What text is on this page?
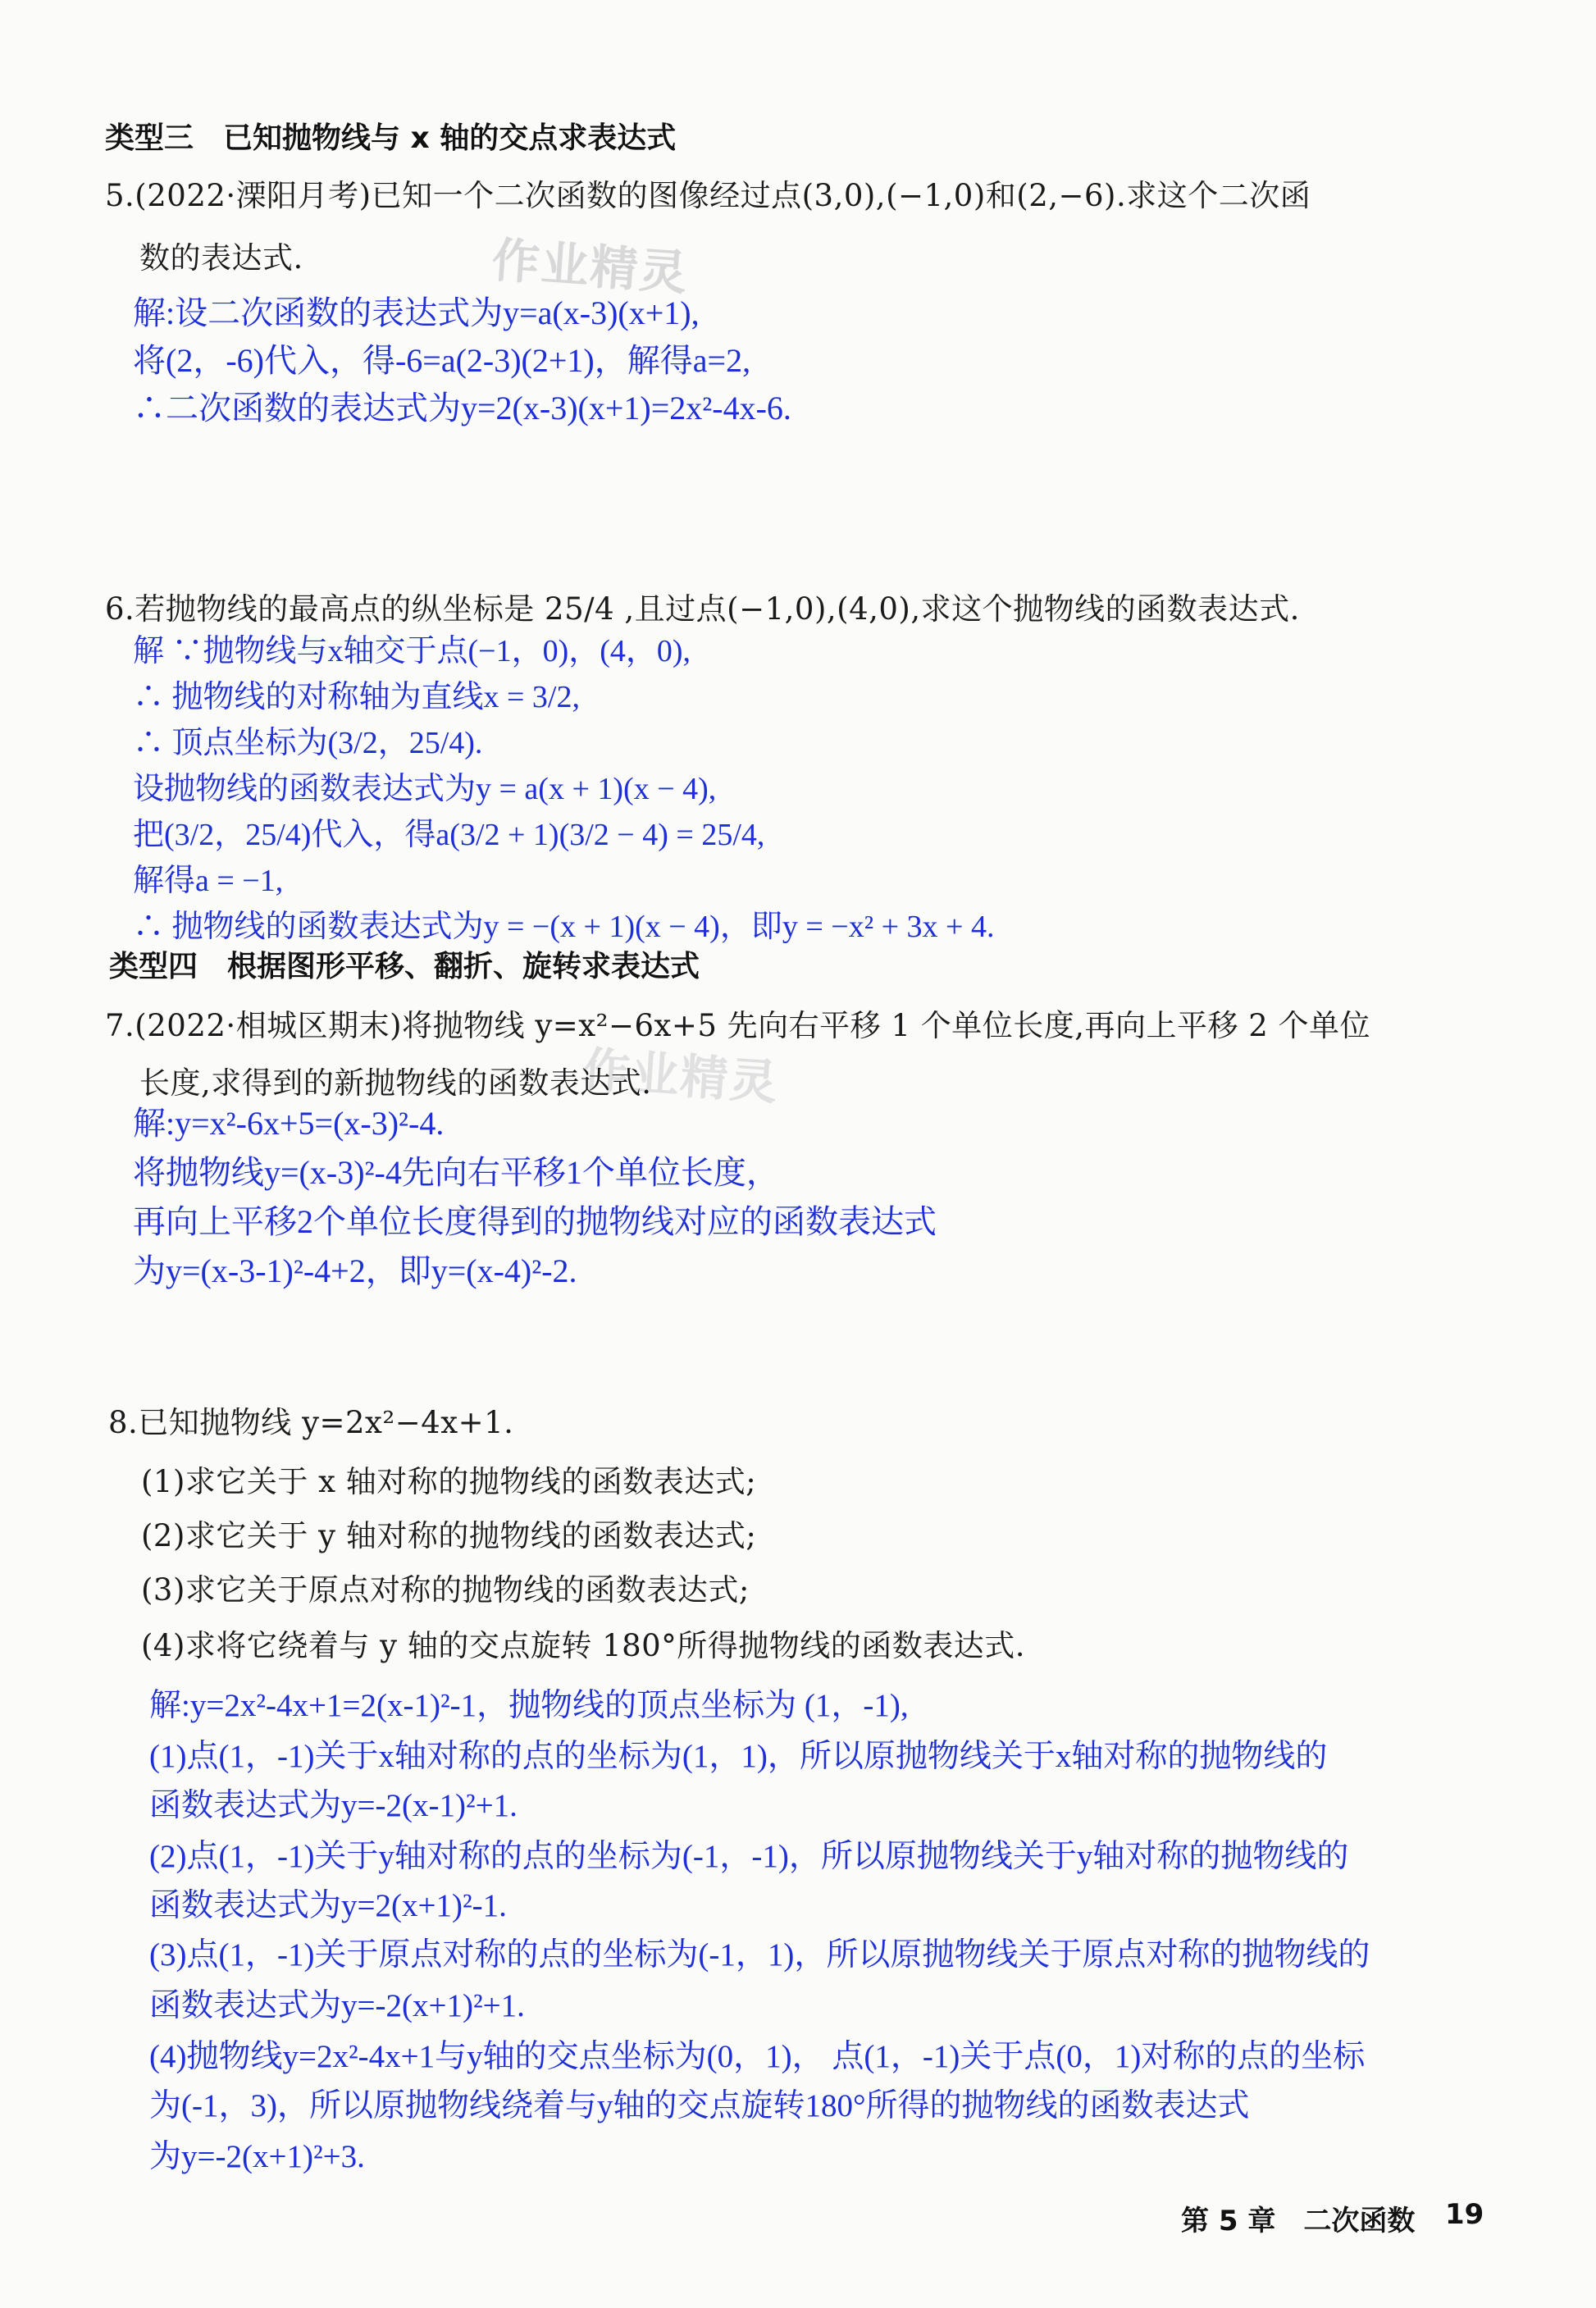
作业精灵
作业精灵
类型三　已知抛物线与 x 轴的交点求表达式
5.(2022·溧阳月考)已知一个二次函数的图像经过点(3,0),(−1,0)和(2,−6).求这个二次函
数的表达式.
解:设二次函数的表达式为y=a(x-3)(x+1),
将(2，-6)代入，得-6=a(2-3)(2+1)，解得a=2,
∴二次函数的表达式为y=2(x-3)(x+1)=2x²-4x-6.
6.若抛物线的最高点的纵坐标是 25/4 ,且过点(−1,0),(4,0),求这个抛物线的函数表达式.
解 ∵抛物线与x轴交于点(−1，0)，(4，0),
∴ 抛物线的对称轴为直线x = 3/2,
∴ 顶点坐标为(3/2，25/4).
设抛物线的函数表达式为y = a(x + 1)(x − 4),
把(3/2，25/4)代入，得a(3/2 + 1)(3/2 − 4) = 25/4,
解得a = −1,
∴ 抛物线的函数表达式为y = −(x + 1)(x − 4)，即y = −x² + 3x + 4.
类型四　根据图形平移、翻折、旋转求表达式
7.(2022·相城区期末)将抛物线 y=x²−6x+5 先向右平移 1 个单位长度,再向上平移 2 个单位
长度,求得到的新抛物线的函数表达式.
解:y=x²-6x+5=(x-3)²-4.
将抛物线y=(x-3)²-4先向右平移1个单位长度，
再向上平移2个单位长度得到的抛物线对应的函数表达式
为y=(x-3-1)²-4+2，即y=(x-4)²-2.
8.已知抛物线 y=2x²−4x+1.
(1)求它关于 x 轴对称的抛物线的函数表达式;
(2)求它关于 y 轴对称的抛物线的函数表达式;
(3)求它关于原点对称的抛物线的函数表达式;
(4)求将它绕着与 y 轴的交点旋转 180°所得抛物线的函数表达式.
解:y=2x²-4x+1=2(x-1)²-1，抛物线的顶点坐标为 (1，-1),
(1)点(1，-1)关于x轴对称的点的坐标为(1，1)，所以原抛物线关于x轴对称的抛物线的
函数表达式为y=-2(x-1)²+1.
(2)点(1，-1)关于y轴对称的点的坐标为(-1，-1)，所以原抛物线关于y轴对称的抛物线的
函数表达式为y=2(x+1)²-1.
(3)点(1，-1)关于原点对称的点的坐标为(-1，1)，所以原抛物线关于原点对称的抛物线的
函数表达式为y=-2(x+1)²+1.
(4)抛物线y=2x²-4x+1与y轴的交点坐标为(0，1)， 点(1，-1)关于点(0，1)对称的点的坐标
为(-1，3)，所以原抛物线绕着与y轴的交点旋转180°所得的抛物线的函数表达式
为y=-2(x+1)²+3.
第 5 章　二次函数 19
